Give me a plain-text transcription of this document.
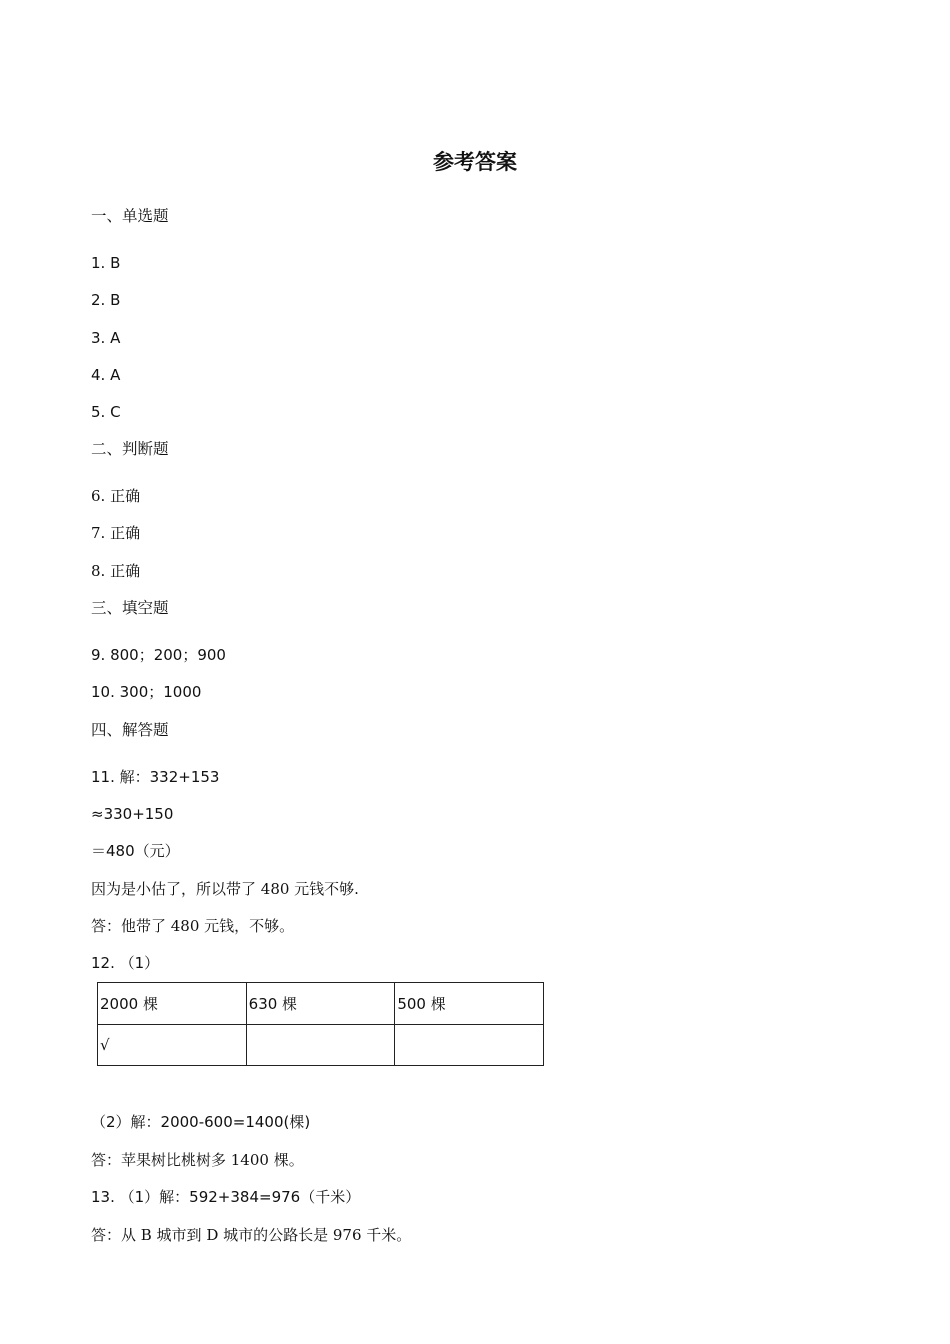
参考答案
一、单选题
1. B
2. B
3. A
4. A
5. C
二、判断题
6. 正确
7. 正确
8. 正确
三、填空题
9. 800；200；900
10. 300；1000
四、解答题
11. 解：332+153
≈330+150
＝480（元）
因为是小估了，所以带了 480 元钱不够.
答：他带了 480 元钱，不够。
12. （1）
2000 棵	630 棵	500 棵
√		
（2）解：2000-600=1400(棵)
答：苹果树比桃树多 1400 棵。
13. （1）解：592+384=976（千米）
答：从 B 城市到 D 城市的公路长是 976 千米。
